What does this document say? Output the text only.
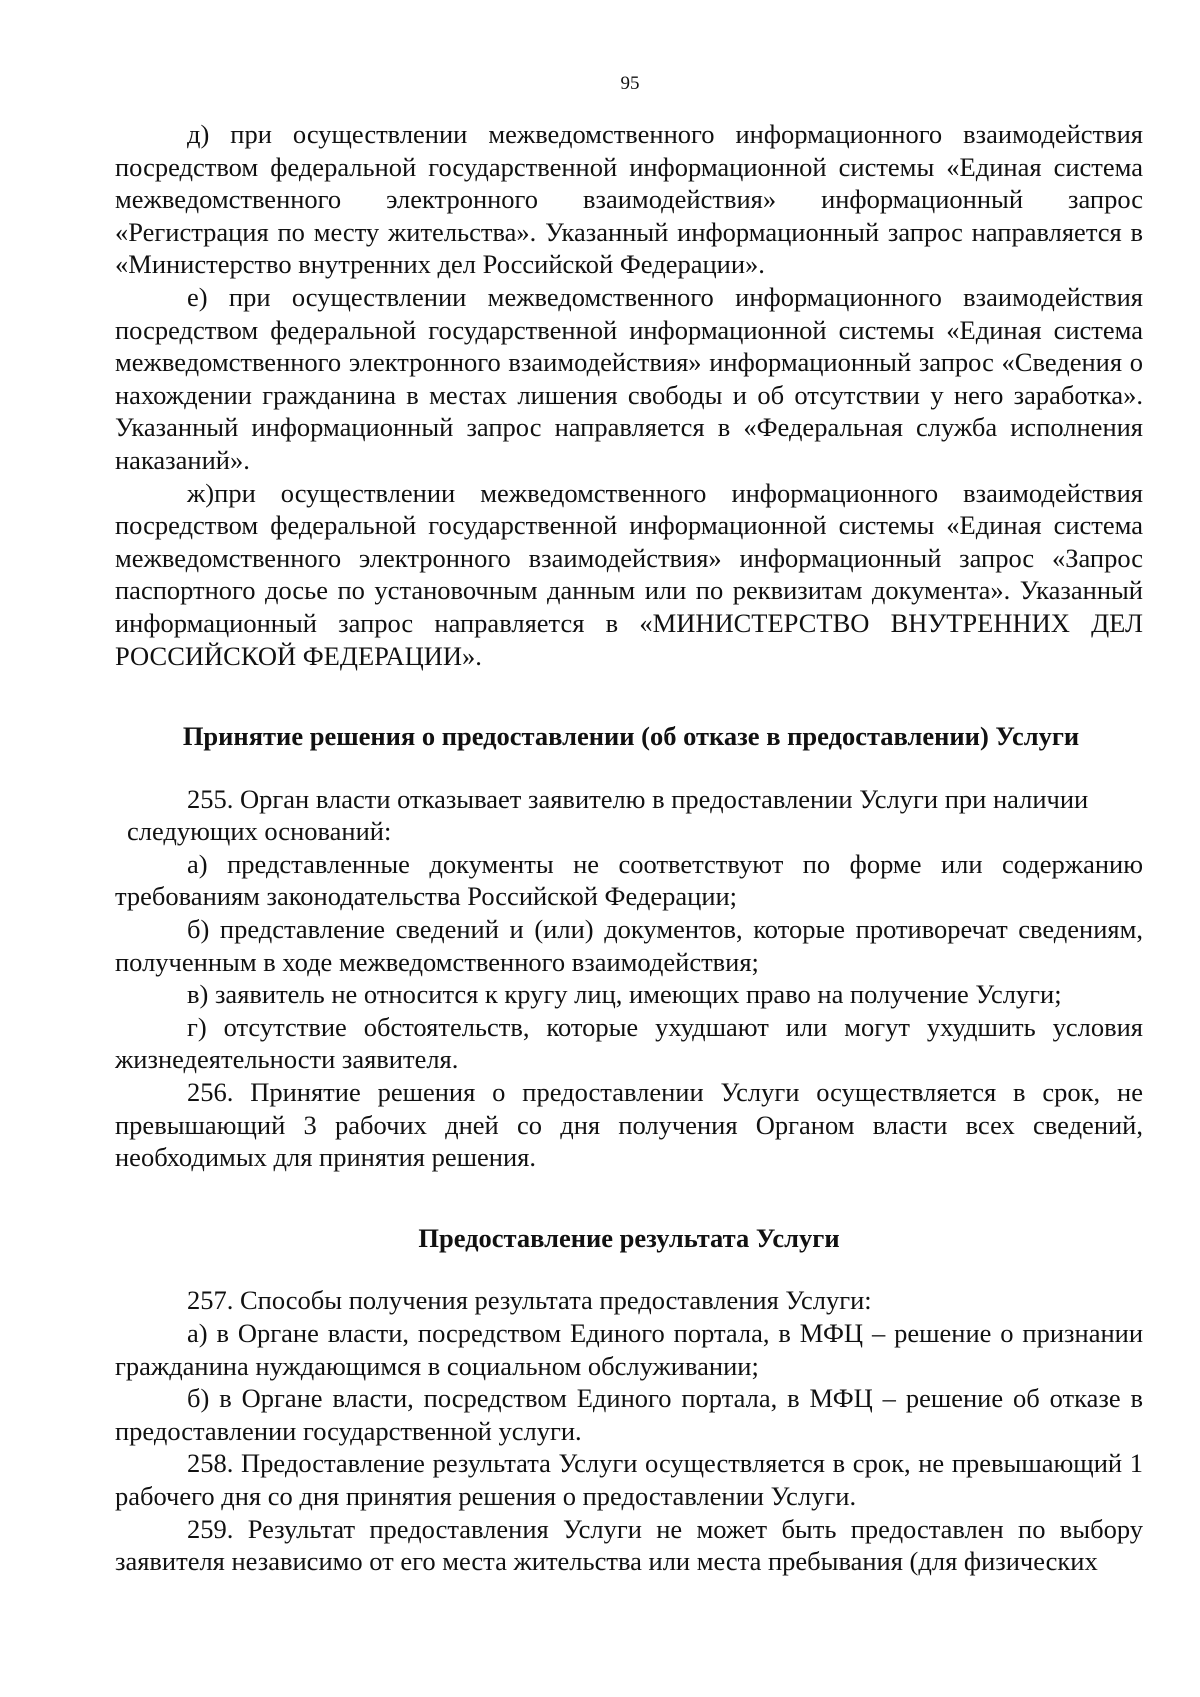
95

д) при осуществлении межведомственного информационного взаимодействия посредством федеральной государственной информационной системы «Единая система межведомственного электронного взаимодействия» информационный запрос «Регистрация по месту жительства». Указанный информационный запрос направляется в «Министерство внутренних дел Российской Федерации».

е) при осуществлении межведомственного информационного взаимодействия посредством федеральной государственной информационной системы «Единая система межведомственного электронного взаимодействия» информационный запрос «Сведения о нахождении гражданина в местах лишения свободы и об отсутствии у него заработка». Указанный информационный запрос направляется в «Федеральная служба исполнения наказаний».

ж)при осуществлении межведомственного информационного взаимодействия посредством федеральной государственной информационной системы «Единая система межведомственного электронного взаимодействия» информационный запрос «Запрос паспортного досье по установочным данным или по реквизитам документа». Указанный информационный запрос направляется в «МИНИСТЕРСТВО ВНУТРЕННИХ ДЕЛ РОССИЙСКОЙ ФЕДЕРАЦИИ».

Принятие решения о предоставлении (об отказе в предоставлении) Услуги

255. Орган власти отказывает заявителю в предоставлении Услуги при наличии

следующих оснований:

а) представленные документы не соответствуют по форме или содержанию требованиям законодательства Российской Федерации;

б) представление сведений и (или) документов, которые противоречат сведениям, полученным в ходе межведомственного взаимодействия;

в) заявитель не относится к кругу лиц, имеющих право на получение Услуги;

г) отсутствие обстоятельств, которые ухудшают или могут ухудшить условия жизнедеятельности заявителя.

256. Принятие решения о предоставлении Услуги осуществляется в срок, не превышающий 3 рабочих дней со дня получения Органом власти всех сведений, необходимых для принятия решения.

Предоставление результата Услуги

257. Способы получения результата предоставления Услуги:

а) в Органе власти, посредством Единого портала, в МФЦ – решение о признании гражданина нуждающимся в социальном обслуживании;

б) в Органе власти, посредством Единого портала, в МФЦ – решение об отказе в предоставлении государственной услуги.

258. Предоставление результата Услуги осуществляется в срок, не превышающий 1 рабочего дня со дня принятия решения о предоставлении Услуги.

259. Результат предоставления Услуги не может быть предоставлен по выбору заявителя независимо от его места жительства или места пребывания (для физических
